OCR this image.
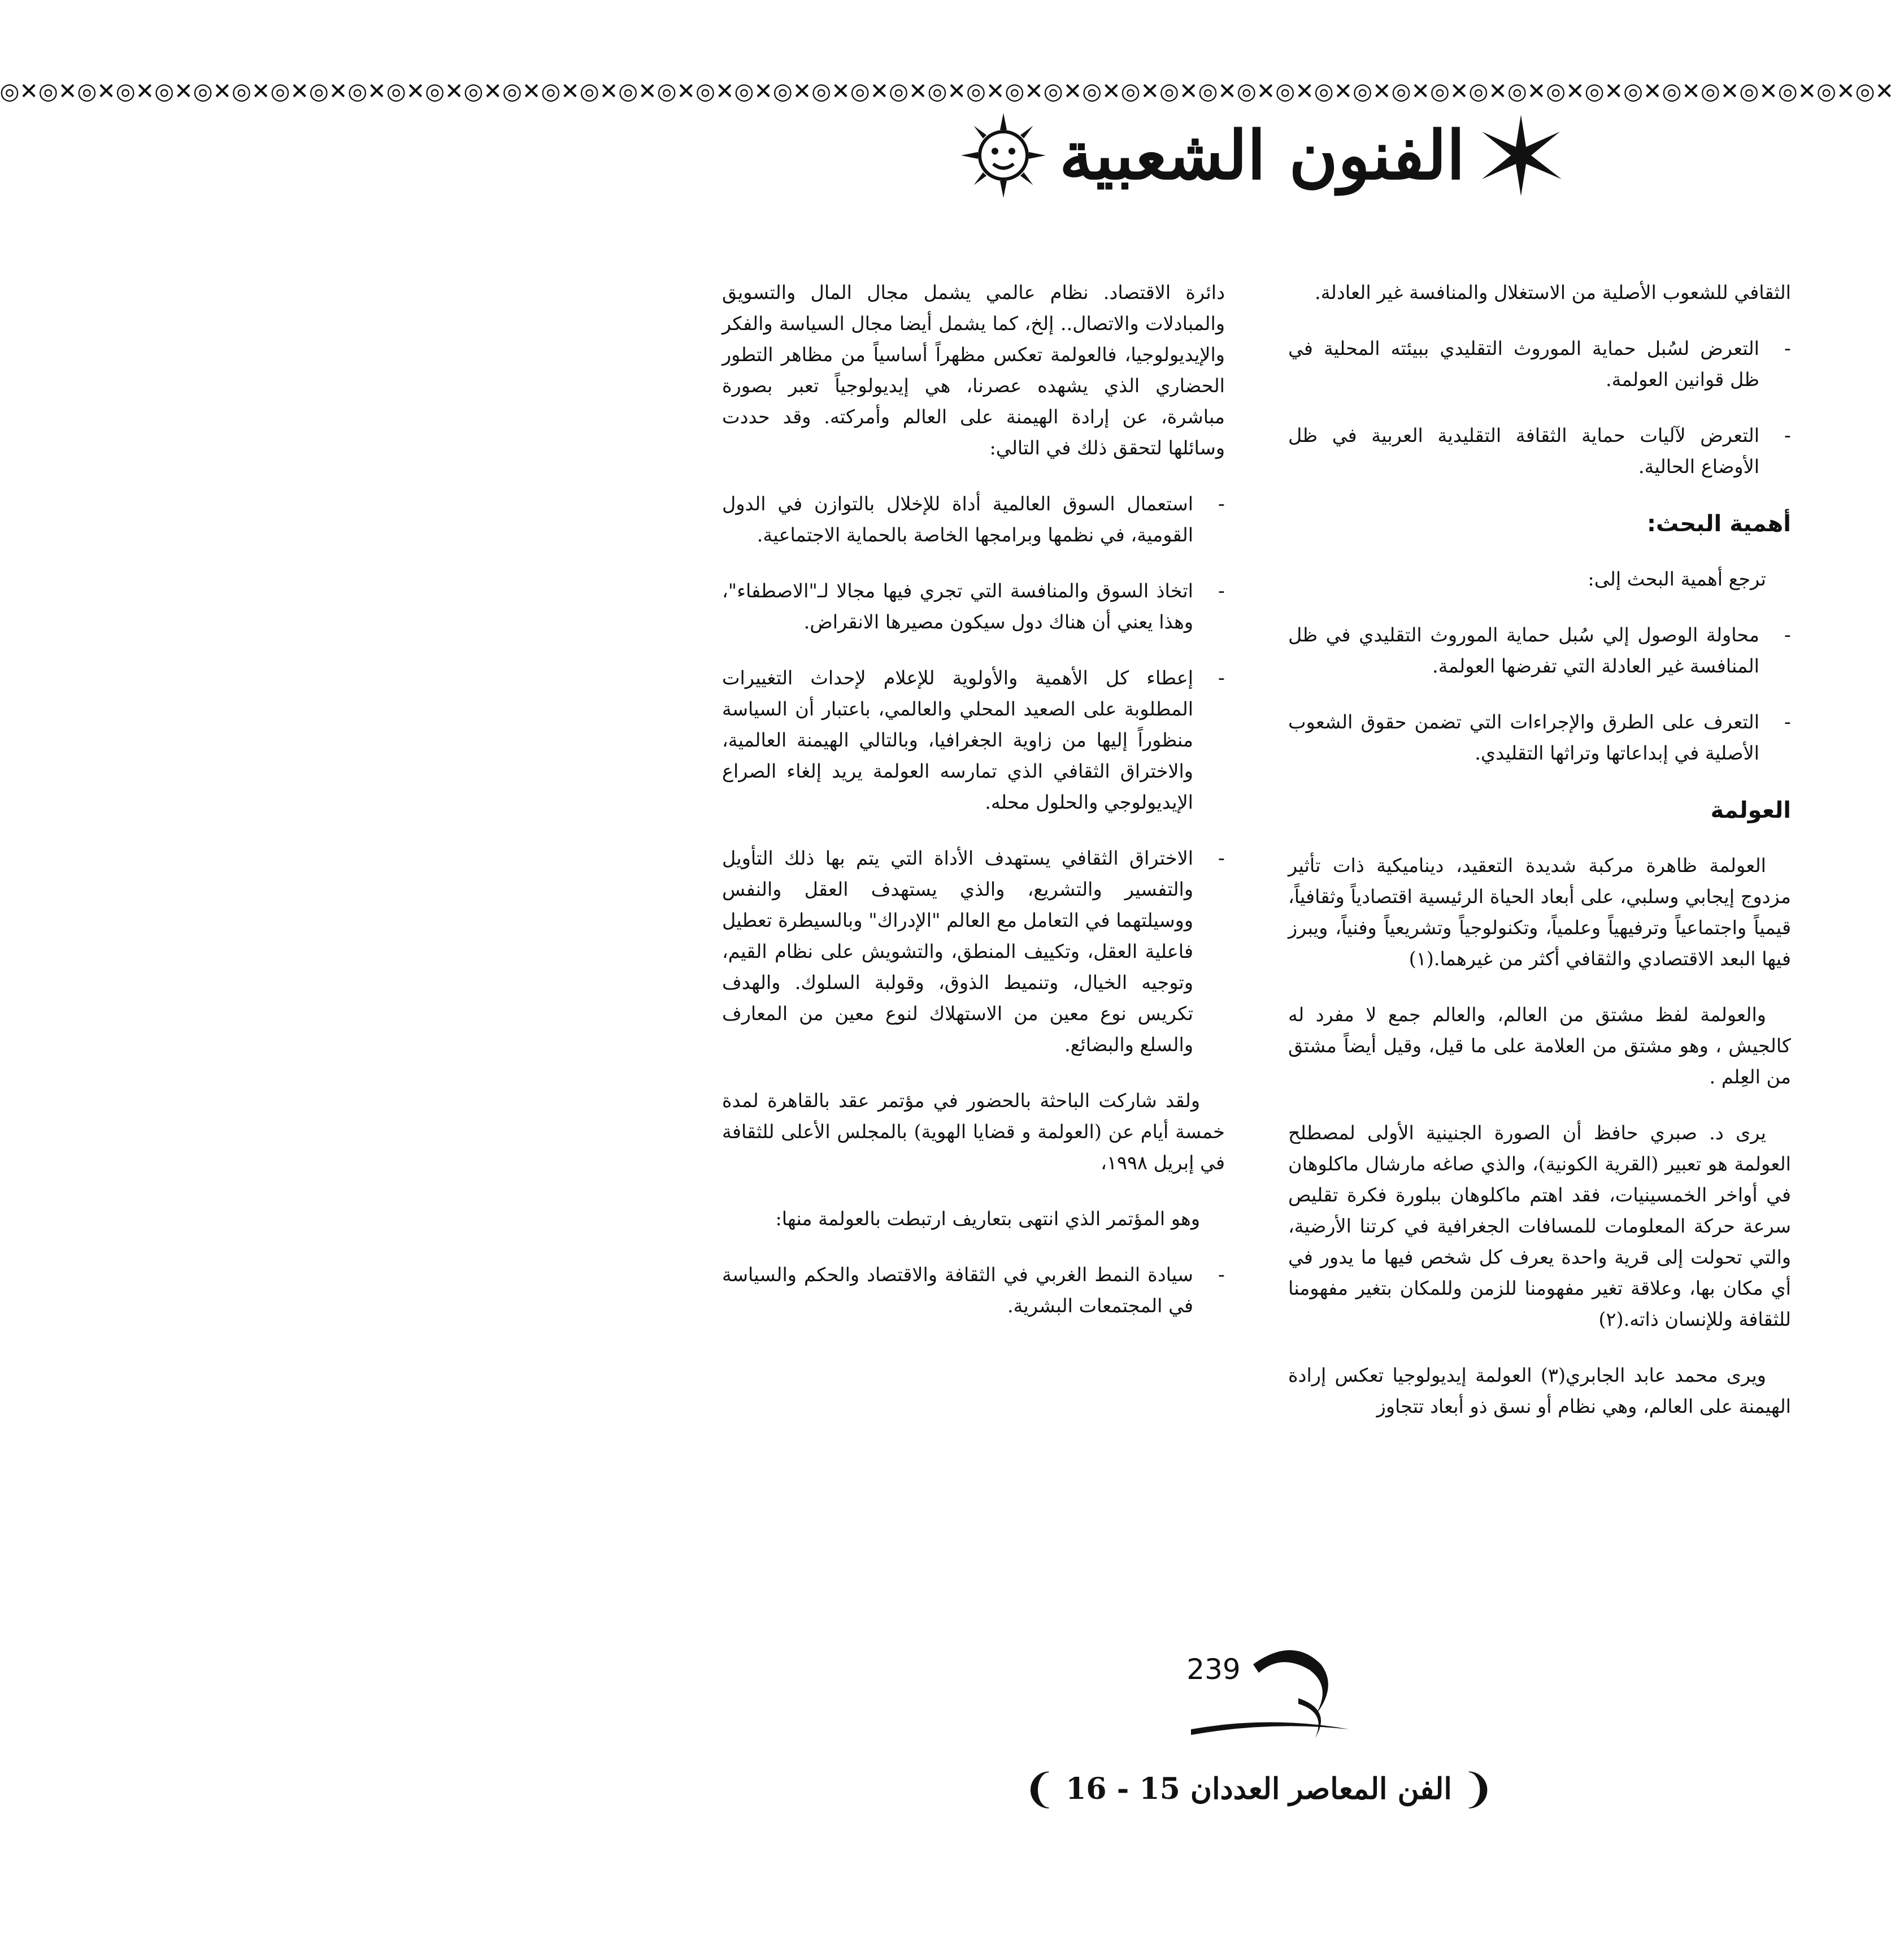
✕◎✕◎✕◎✕◎✕◎✕◎✕◎✕◎✕◎✕◎✕◎✕◎✕◎✕◎✕◎✕◎✕◎✕◎✕◎✕◎✕◎✕◎✕◎✕◎✕◎✕◎✕◎✕◎✕◎✕◎✕◎✕◎✕◎✕◎✕◎✕◎✕◎✕◎✕◎✕◎✕◎✕◎✕◎✕◎✕◎✕◎✕◎✕◎✕◎
الفنون الشعبية

الثقافي للشعوب الأصلية من الاستغلال والمنافسة غير العادلة.

-
التعرض لسُبل حماية الموروث التقليدي ببيئته المحلية في ظل قوانين العولمة.
-
التعرض لآليات حماية الثقافة التقليدية العربية في ظل الأوضاع الحالية.
أهمية البحث:

ترجع أهمية البحث إلى:

-
محاولة الوصول إلي سُبل حماية الموروث التقليدي في ظل المنافسة غير العادلة التي تفرضها العولمة.
-
التعرف على الطرق والإجراءات التي تضمن حقوق الشعوب الأصلية في إبداعاتها وتراثها التقليدي.
العولمة

العولمة ظاهرة مركبة شديدة التعقيد، ديناميكية ذات تأثير مزدوج إيجابي وسلبي، على أبعاد الحياة الرئيسية اقتصادياً وثقافياً، قيمياً واجتماعياً وترفيهياً وعلمياً، وتكنولوجياً وتشريعياً وفنياً، ويبرز فيها البعد الاقتصادي والثقافي أكثر من غيرهما.(١)

والعولمة لفظ مشتق من العالم، والعالم جمع لا مفرد له كالجيش ، وهو مشتق من العلامة على ما قيل، وقيل أيضاً مشتق من العِلم .

يرى د. صبري حافظ أن الصورة الجنينية الأولى لمصطلح العولمة هو تعبير (القرية الكونية)، والذي صاغه مارشال ماكلوهان في أواخر الخمسينيات، فقد اهتم ماكلوهان ببلورة فكرة تقليص سرعة حركة المعلومات للمسافات الجغرافية في كرتنا الأرضية، والتي تحولت إلى قرية واحدة يعرف كل شخص فيها ما يدور في أي مكان بها، وعلاقة تغير مفهومنا للزمن وللمكان بتغير مفهومنا للثقافة وللإنسان ذاته.(٢)

ويرى محمد عابد الجابري(٣) العولمة إيديولوجيا تعكس إرادة الهيمنة على العالم، وهي نظام أو نسق ذو أبعاد تتجاوز

دائرة الاقتصاد. نظام عالمي يشمل مجال المال والتسويق والمبادلات والاتصال.. إلخ، كما يشمل أيضا مجال السياسة والفكر والإيديولوجيا، فالعولمة تعكس مظهراً أساسياً من مظاهر التطور الحضاري الذي يشهده عصرنا، هي إيديولوجياً تعبر بصورة مباشرة، عن إرادة الهيمنة على العالم وأمركته. وقد حددت وسائلها لتحقق ذلك في التالي:

-
استعمال السوق العالمية أداة للإخلال بالتوازن في الدول القومية، في نظمها وبرامجها الخاصة بالحماية الاجتماعية.
-
اتخاذ السوق والمنافسة التي تجري فيها مجالا لـ"الاصطفاء"، وهذا يعني أن هناك دول سيكون مصيرها الانقراض.
-
إعطاء كل الأهمية والأولوية للإعلام لإحداث التغييرات المطلوبة على الصعيد المحلي والعالمي، باعتبار أن السياسة منظوراً إليها من زاوية الجغرافيا، وبالتالي الهيمنة العالمية، والاختراق الثقافي الذي تمارسه العولمة يريد إلغاء الصراع الإيديولوجي والحلول محله.
-
الاختراق الثقافي يستهدف الأداة التي يتم بها ذلك التأويل والتفسير والتشريع، والذي يستهدف العقل والنفس ووسيلتهما في التعامل مع العالم "الإدراك" وبالسيطرة تعطيل فاعلية العقل، وتكييف المنطق، والتشويش على نظام القيم، وتوجيه الخيال، وتنميط الذوق، وقولبة السلوك. والهدف تكريس نوع معين من الاستهلاك لنوع معين من المعارف والسلع والبضائع.

ولقد شاركت الباحثة بالحضور في مؤتمر عقد بالقاهرة لمدة خمسة أيام عن (العولمة و قضايا الهوية) بالمجلس الأعلى للثقافة في إبريل ١٩٩٨،

وهو المؤتمر الذي انتهى بتعاريف ارتبطت بالعولمة منها:

-
سيادة النمط الغربي في الثقافة والاقتصاد والحكم والسياسة في المجتمعات البشرية.
239
❨
الفن المعاصر
العددان 15 - 16
❩
